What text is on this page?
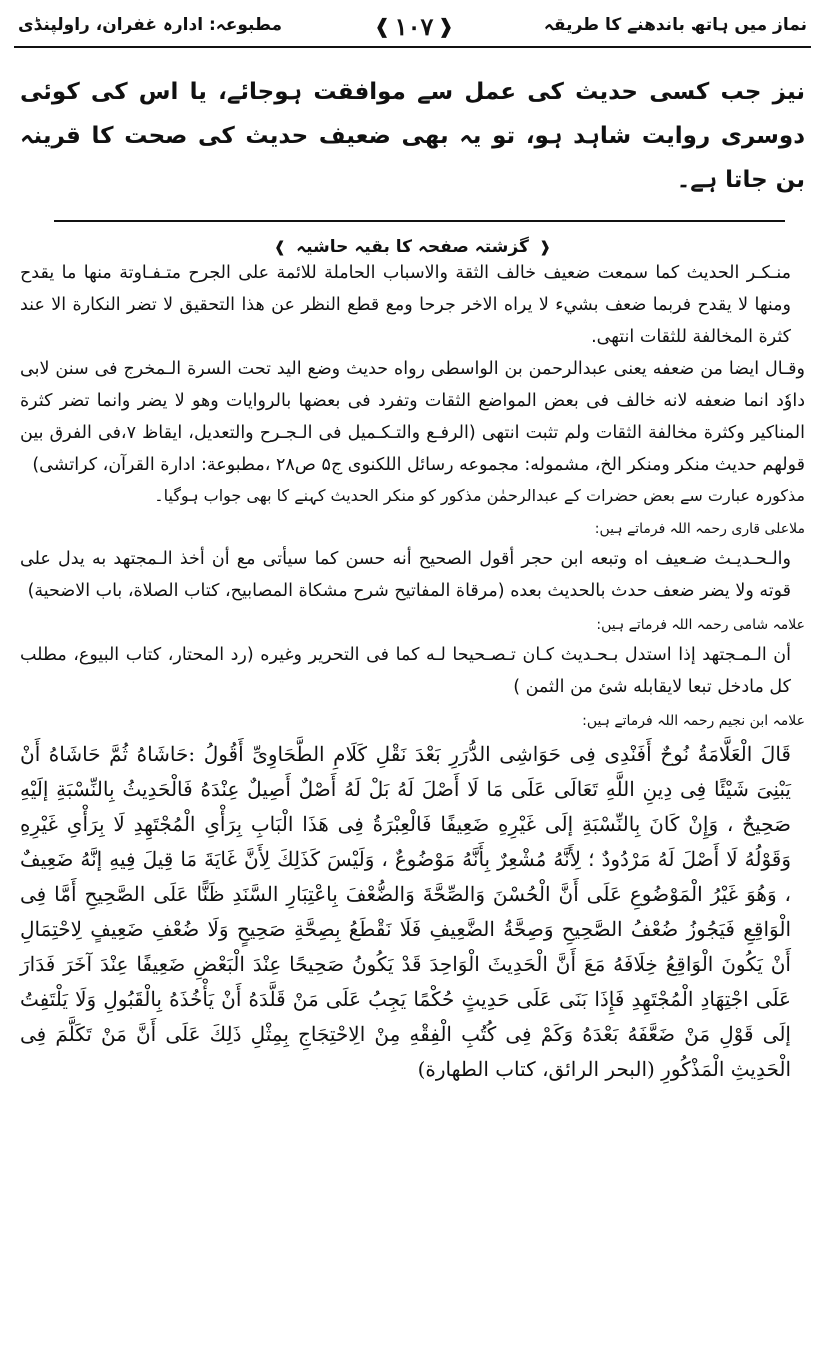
نماز میں ہاتھ باندھنے کا طریقہ
❰
۱۰۷
❱
مطبوعہ: ادارہ غفران، راولپنڈی
نیز جب کسی حدیث کی عمل سے موافقت ہوجائے، یا اس کی کوئی دوسری روایت شاہد ہو، تو یہ بھی ضعیف حدیث کی صحت کا قرینہ بن جاتا ہے۔
❰ گزشتہ صفحہ کا بقیہ حاشیہ ❱
منـكـر الحديث كما سمعت ضعيف خالف الثقة والاسباب الحاملة للائمة على الجرح متـفـاوتة منها ما يقدح ومنها لا يقدح فربما ضعف بشيء لا يراه الاخر جرحا ومع قطع النظر عن هذا التحقيق لا تضر النكارة الا عند كثرة المخالفة للثقات انتهى.
وقـال ايضا من ضعفه يعنى عبدالرحمن بن الواسطى رواه حديث وضع اليد تحت السرة الـمخرج فى سنن لابى داوٗد انما ضعفه لانه خالف فى بعض المواضع الثقات وتفرد فى بعضها بالروايات وهو لا يضر وانما تضر كثرة المناكير وكثرة مخالفة الثقات ولم تثبت انتهى (الرفـع والتـكـميل فى الـجـرح والتعديل، ايقاظ ۷،فى الفرق بين قولهم حديث منكر ومنكر الخ، مشموله: مجموعه رسائل اللكنوى ج۵ ص۲۸ ،مطبوعة: ادارة القرآن، كراتشى)
مذکورہ عبارت سے بعض حضرات کے عبدالرحمٰن مذکور کو منکر الحدیث کہنے کا بھی جواب ہوگیا۔
ملاعلی قاری رحمہ اللہ فرماتے ہیں:
والـحـديـث ضـعيف اه وتبعه ابن حجر أقول الصحيح أنه حسن كما سيأتى مع أن أخذ الـمجتهد به يدل على قوته ولا يضر ضعف حدث بالحديث بعده (مرقاة المفاتيح شرح مشكاة المصابيح، كتاب الصلاة، باب الاضحية)
علامہ شامی رحمہ اللہ فرماتے ہیں:
أن الـمـجتهد إذا استدل بـحـديث كـان تـصـحيحا لـه كما فى التحرير وغيره (رد المحتار، كتاب البيوع، مطلب كل مادخل تبعا لايقابله شئ من الثمن )
علامہ ابن نجیم رحمہ اللہ فرماتے ہیں:
قَالَ الْعَلَّامَةُ نُوحٌ أَفَنْدِى فِى حَوَاشِى الدُّرَرِ بَعْدَ نَقْلِ كَلَامِ الطَّحَاوِىِّ أَقُولُ :حَاشَاهُ ثُمَّ حَاشَاهُ أَنْ يَبْنِىَ شَيْئًا فِى دِينِ اللَّهِ تَعَالَى عَلَى مَا لَا أَصْلَ لَهُ بَلْ لَهُ أَصْلٌ أَصِيلٌ عِنْدَهُ فَالْحَدِيثُ بِالنِّسْبَةِ إلَيْهِ صَحِيحٌ ، وَإِنْ كَانَ بِالنِّسْبَةِ إلَى غَيْرِهِ ضَعِيفًا فَالْعِبْرَةُ فِى هَذَا الْبَابِ بِرَأْىِ الْمُجْتَهِدِ لَا بِرَأْىِ غَيْرِهِ وَقَوْلُهُ لَا أَصْلَ لَهُ مَرْدُودٌ ؛ لِأَنَّهُ مُشْعِرٌ بِأَنَّهُ مَوْضُوعٌ ، وَلَيْسَ كَذَلِكَ لِأَنَّ غَايَةَ مَا قِيلَ فِيهِ إنَّهُ ضَعِيفٌ ، وَهُوَ غَيْرُ الْمَوْضُوعِ عَلَى أَنَّ الْحُسْنَ وَالصِّحَّةَ وَالضُّعْفَ بِاعْتِبَارِ السَّنَدِ ظَنًّا عَلَى الصَّحِيحِ أَمَّا فِى الْوَاقِعِ فَيَجُوزُ ضُعْفُ الصَّحِيحِ وَصِحَّةُ الضَّعِيفِ فَلَا نَقْطَعُ بِصِحَّةِ صَحِيحٍ وَلَا ضُعْفِ ضَعِيفٍ لِاحْتِمَالِ أَنْ يَكُونَ الْوَاقِعُ خِلَافَهُ مَعَ أَنَّ الْحَدِيثَ الْوَاحِدَ قَدْ يَكُونُ صَحِيحًا عِنْدَ الْبَعْضِ ضَعِيفًا عِنْدَ آخَرَ فَدَارَ عَلَى اجْتِهَادِ الْمُجْتَهِدِ فَإِذَا بَنَى عَلَى حَدِيثٍ حُكْمًا يَجِبُ عَلَى مَنْ قَلَّدَهُ أَنْ يَأْخُذَهُ بِالْقَبُولِ وَلَا يَلْتَفِتُ إلَى قَوْلِ مَنْ ضَعَّفَهُ بَعْدَهُ وَكَمْ فِى كُتُبِ الْفِقْهِ مِنْ الِاحْتِجَاجِ بِمِثْلِ ذَلِكَ عَلَى أَنَّ مَنْ تَكَلَّمَ فِى الْحَدِيثِ الْمَذْكُورِ (البحر الرائق، كتاب الطهارة)
